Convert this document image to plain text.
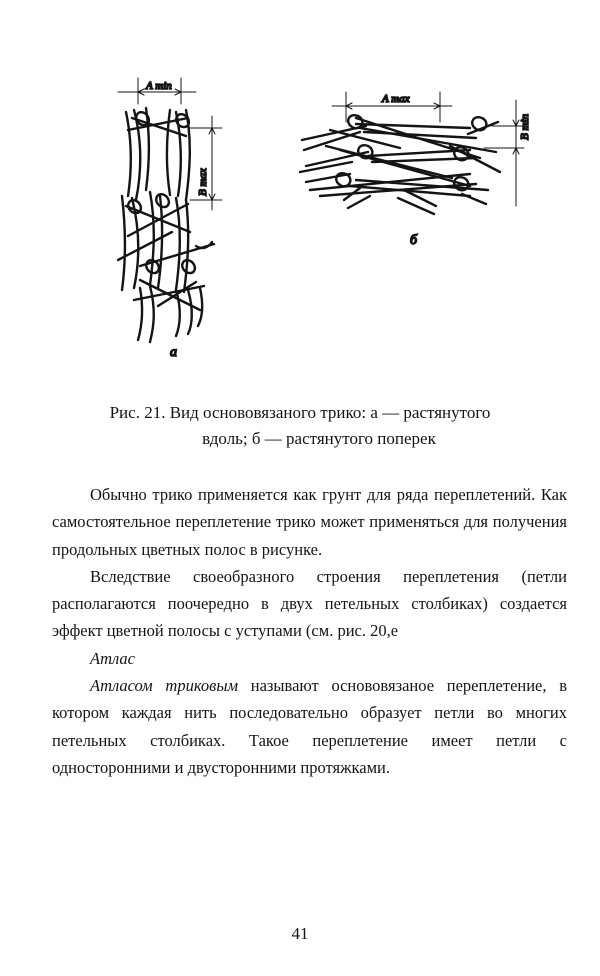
A min
B max
а
A max
B min
б
Рис. 21. Вид основовязаного трико: а — растянутого
вдоль; б — растянутого поперек

Обычно трико применяется как грунт для ряда переплетений. Как самостоятельное переплетение трико может применяться для получения продольных цветных полос в рисунке.

Вследствие своеобразного строения переплетения (петли располагаются поочередно в двух петельных столбиках) создается эффект цветной полосы с уступами (см. рис. 20,е

Атлас

Атласом триковым называют основовязаное переплетение, в котором каждая нить последовательно образует петли во многих петельных столбиках. Такое переплетение имеет петли с односторонними и двусторонними протяжками.

41
